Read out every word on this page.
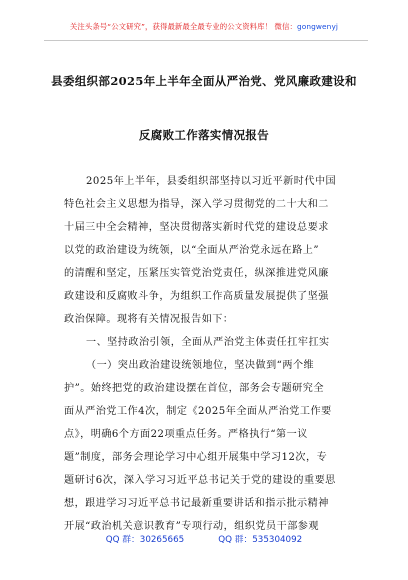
关注头条号“公文研究”，获得最新最全最专业的公文资料库！ 微信：gongwenyj
县委组织部2025年上半年全面从严治党、党风廉政建设和
反腐败工作落实情况报告
2025年上半年，县委组织部坚持以习近平新时代中国
特色社会主义思想为指导，深入学习贯彻党的二十大和二
十届三中全会精神，坚决贯彻落实新时代党的建设总要求
以党的政治建设为统领，以“全面从严治党永远在路上”
的清醒和坚定，压紧压实管党治党责任，纵深推进党风廉
政建设和反腐败斗争，为组织工作高质量发展提供了坚强
政治保障。现将有关情况报告如下：
一、坚持政治引领，全面从严治党主体责任扛牢扛实
（一）突出政治建设统领地位，坚决做到“两个维
护”。始终把党的政治建设摆在首位，部务会专题研究全
面从严治党工作4次，制定《2025年全面从严治党工作要
点》，明确6个方面22项重点任务。严格执行“第一议
题”制度，部务会理论学习中心组开展集中学习12次，专
题研讨6次，深入学习习近平总书记关于党的建设的重要思
想，跟进学习习近平总书记最新重要讲话和指示批示精神
开展“政治机关意识教育”专项行动，组织党员干部参观
QQ 群：30265665	QQ 群：535304092
